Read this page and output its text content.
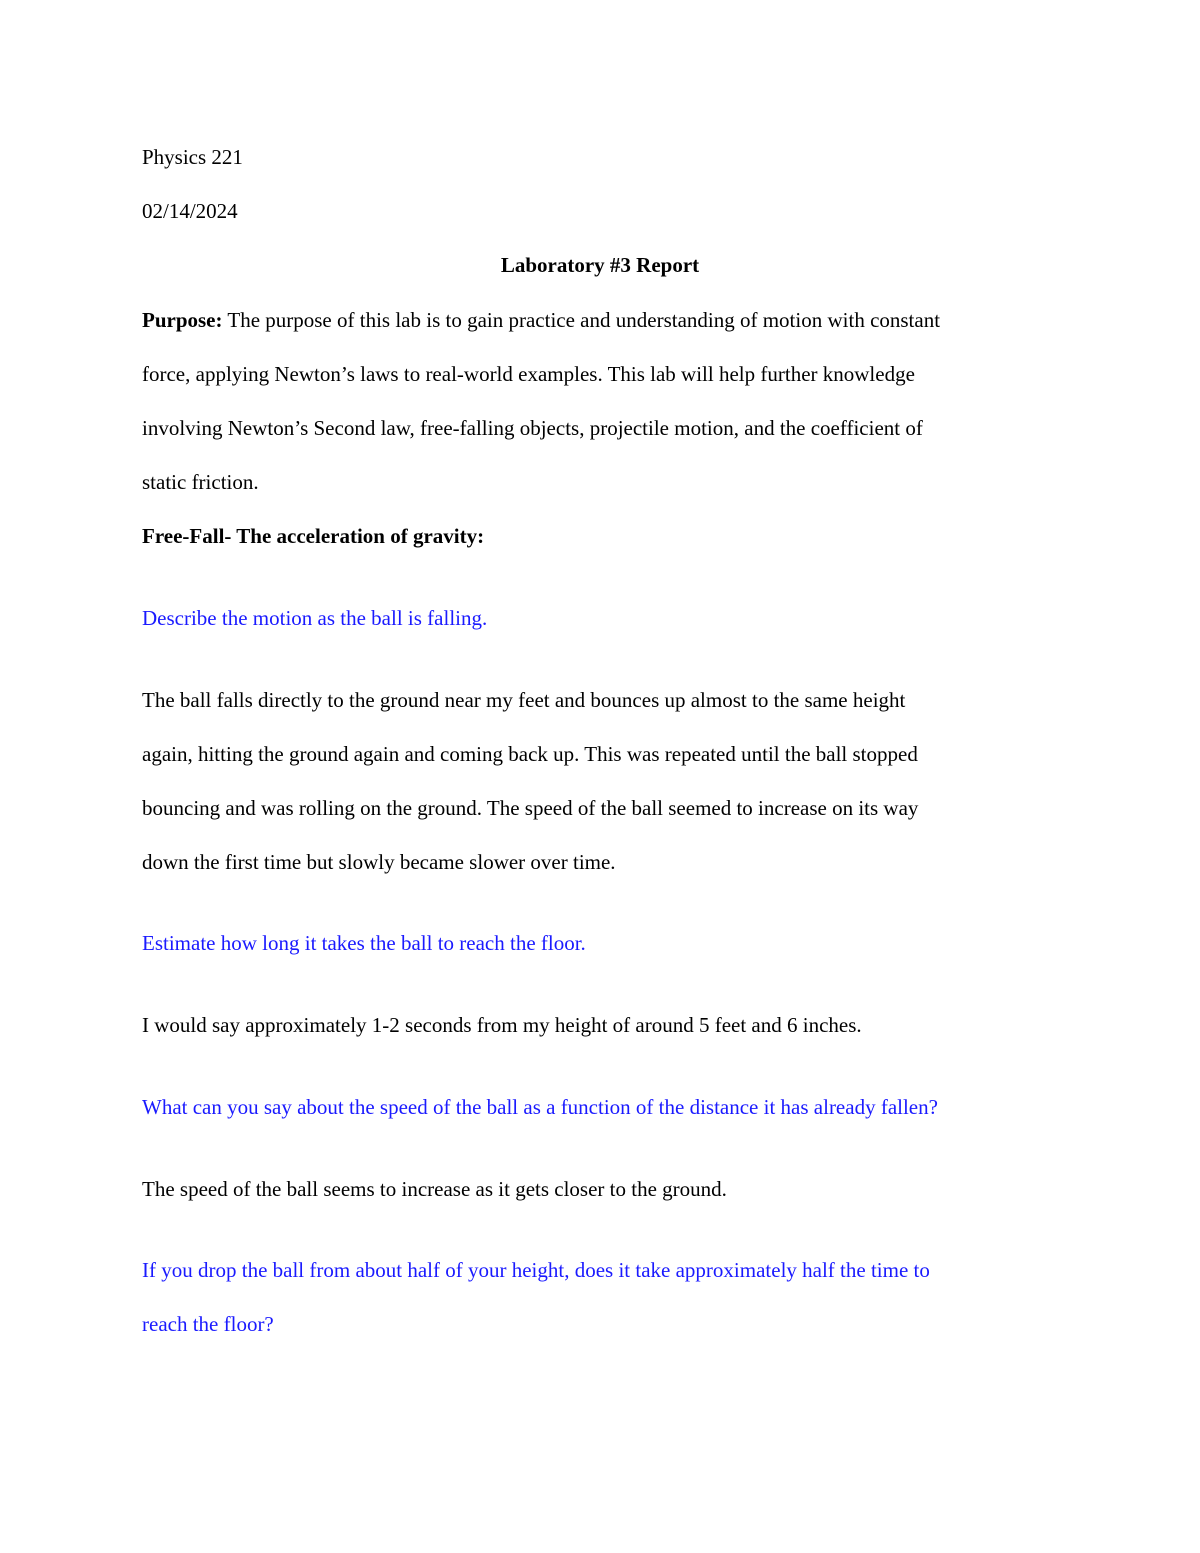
Physics 221

02/14/2024

Laboratory #3 Report

Purpose: The purpose of this lab is to gain practice and understanding of motion with constant

force, applying Newton’s laws to real-world examples. This lab will help further knowledge

involving Newton’s Second law, free-falling objects, projectile motion, and the coefficient of

static friction.

Free-Fall- The acceleration of gravity:

Describe the motion as the ball is falling.

The ball falls directly to the ground near my feet and bounces up almost to the same height

again, hitting the ground again and coming back up. This was repeated until the ball stopped

bouncing and was rolling on the ground. The speed of the ball seemed to increase on its way

down the first time but slowly became slower over time.

Estimate how long it takes the ball to reach the floor.

I would say approximately 1-2 seconds from my height of around 5 feet and 6 inches.

What can you say about the speed of the ball as a function of the distance it has already fallen?

The speed of the ball seems to increase as it gets closer to the ground.

If you drop the ball from about half of your height, does it take approximately half the time to

reach the floor?
